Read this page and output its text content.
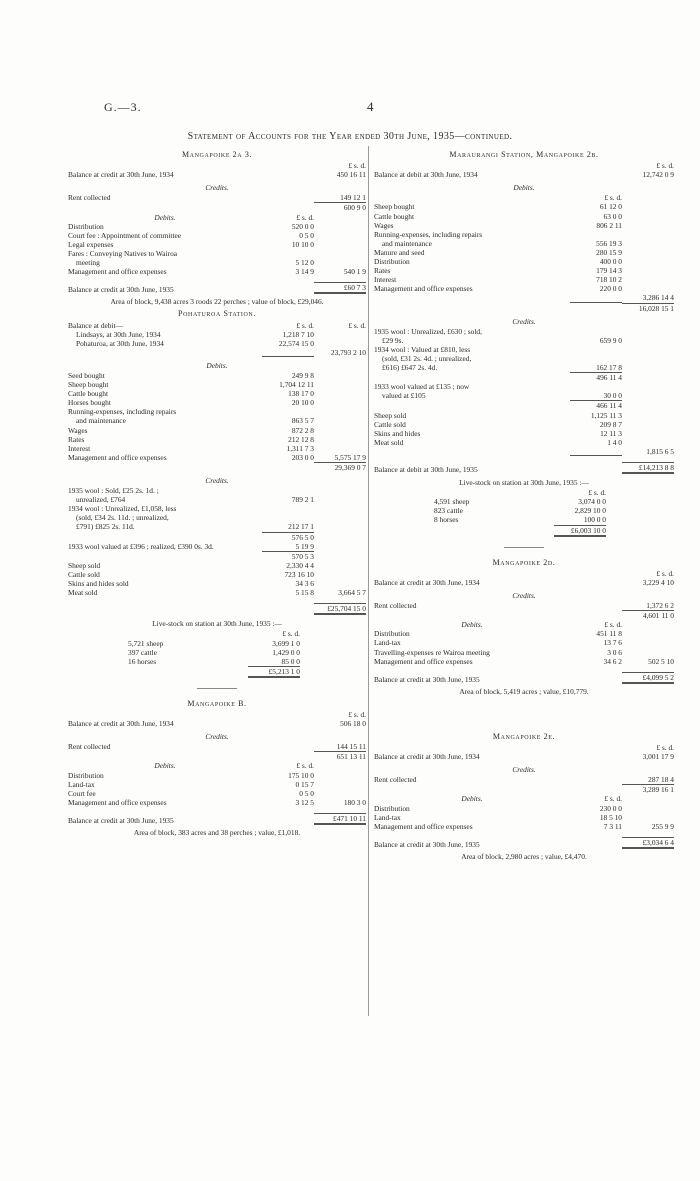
G.—3.	4
Statement of Accounts for the Year ended 30th June, 1935—continued.
Mangapoike 2a 3.
£ s. d.
Balance at credit at 30th June, 1934	450 16 11
Credits.
Rent collected	149 12 1
600 9 0
Debits.	£ s. d.
Distribution	520 0 0
Court fee : Appointment of committee	0 5 0
Legal expenses	10 10 0
Fares : Conveying Natives to Wairoa
meeting	5 12 0
Management and office expenses	3 14 9	540 1 9
Balance at credit at 30th June, 1935	£60 7 3
Area of block, 9,438 acres 3 roods 22 perches ; value of block, £29,046.
Pohaturoa Station.
Balance at debit—	£ s. d.	£ s. d.
Lindsays, at 30th June, 1934	1,218 7 10
Pohaturoa, at 30th June, 1934	22,574 15 0
23,793 2 10
Debits.
Seed bought	249 9 8
Sheep bought	1,704 12 11
Cattle bought	138 17 0
Horses bought	20 10 0
Running-expenses, including repairs
and maintenance	863 5 7
Wages	872 2 8
Rates	212 12 8
Interest	1,311 7 3
Management and office expenses	203 0 0	5,575 17 9
29,369 0 7
Credits.
1935 wool : Sold, £25 2s. 1d. ;
unrealized, £764	789 2 1
1934 wool : Unrealized, £1,058, less
(sold, £34 2s. 11d. ; unrealized,
£791) £825 2s. 11d.	212 17 1
576 5 0
1933 wool valued at £396 ; realized, £390 0s. 3d.	5 19 9
570 5 3
Sheep sold	2,330 4 4
Cattle sold	723 16 10
Skins and hides sold	34 3 6
Meat sold	5 15 8	3,664 5 7
£25,704 15 0
Live-stock on station at 30th June, 1935 :—
£ s. d.
5,721 sheep	3,699 1 0
397 cattle	1,429 0 0
16 horses	85 0 0
£5,213 1 0
Mangapoike B.
£ s. d.
Balance at credit at 30th June, 1934	506 18 0
Credits.
Rent collected	144 15 11
651 13 11
Debits.	£ s. d.
Distribution	175 10 0
Land-tax	0 15 7
Court fee	0 5 0
Management and office expenses	3 12 5	180 3 0
Balance at credit at 30th June, 1935	£471 10 11
Area of block, 383 acres and 38 perches ; value, £1,018.
Maraurangi Station, Mangapoike 2b.
£ s. d.
Balance at debit at 30th June, 1934	12,742 0 9
Debits.
£ s. d.
Sheep bought	61 12 0
Cattle bought	63 0 0
Wages	806 2 11
Running-expenses, including repairs
and maintenance	556 19 3
Manure and seed	280 15 9
Distribution	400 0 0
Rates	179 14 3
Interest	718 10 2
Management and office expenses	220 0 0
3,286 14 4
16,028 15 1
Credits.
1935 wool : Unrealized, £630 ; sold,
£29 9s.	659 9 0
1934 wool : Valued at £810, less
(sold, £31 2s. 4d. ; unrealized,
£616) £647 2s. 4d.	162 17 8
496 11 4
1933 wool valued at £135 ; now
valued at £105	30 0 0
466 11 4
Sheep sold	1,125 11 3
Cattle sold	209 8 7
Skins and hides	12 11 3
Meat sold	1 4 0
1,815 6 5
Balance at debit at 30th June, 1935	£14,213 8 8
Live-stock on station at 30th June, 1935 :—
£ s. d.
4,591 sheep	3,074 0 0
823 cattle	2,829 10 0
8 horses	100 0 0
£6,003 10 0
Mangapoike 2d.
£ s. d.
Balance at credit at 30th June, 1934	3,229 4 10
Credits.
Rent collected	1,372 6 2
4,601 11 0
Debits.	£ s. d.
Distribution	451 11 8
Land-tax	13 7 6
Travelling-expenses re Wairoa meeting	3 0 6
Management and office expenses	34 6 2	502 5 10
Balance at credit at 30th June, 1935	£4,099 5 2
Area of block, 5,419 acres ; value, £10,779.
Mangapoike 2e.
£ s. d.
Balance at credit at 30th June, 1934	3,001 17 9
Credits.
Rent collected	287 18 4
3,289 16 1
Debits.	£ s. d.
Distribution	230 0 0
Land-tax	18 5 10
Management and office expenses	7 3 11	255 9 9
Balance at credit at 30th June, 1935	£3,034 6 4
Area of block, 2,980 acres ; value, £4,470.
